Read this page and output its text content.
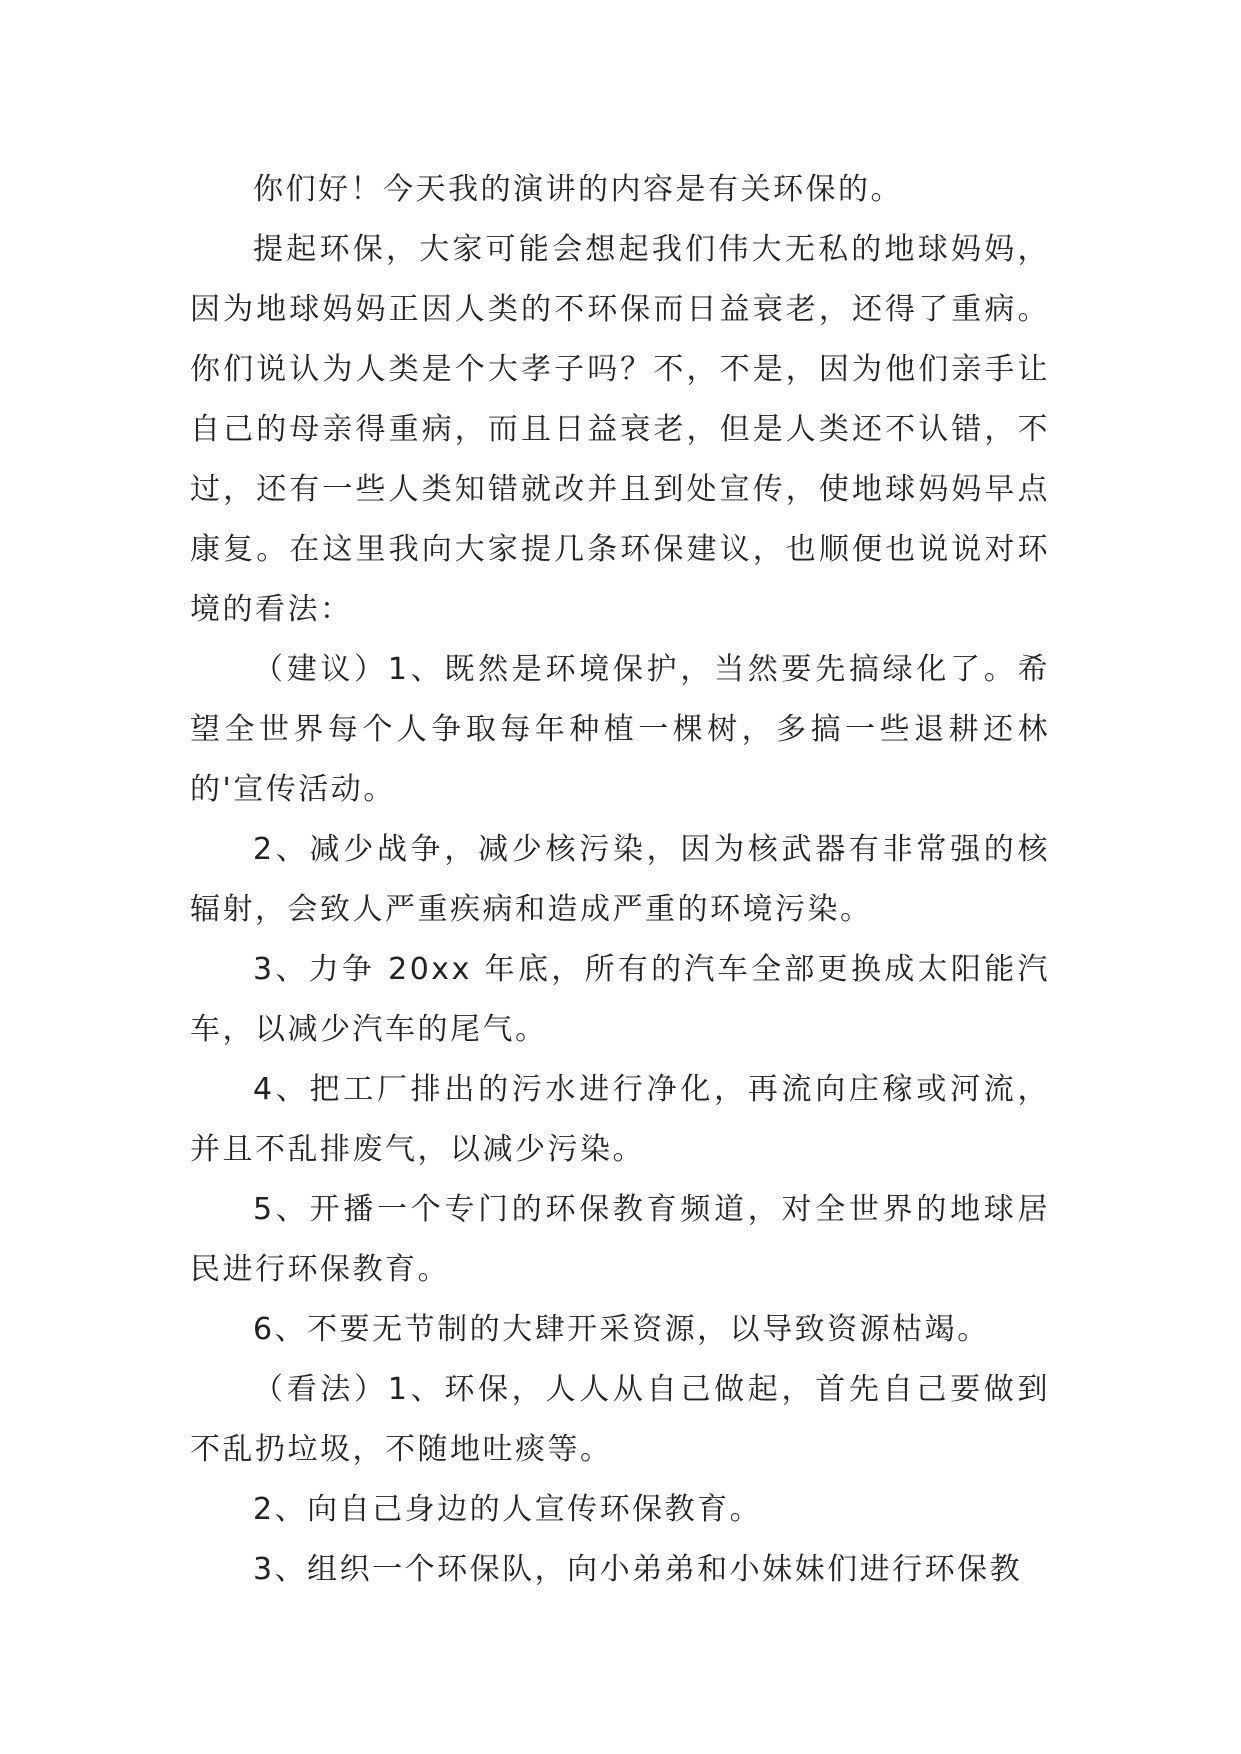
你们好！今天我的演讲的内容是有关环保的。

提起环保，大家可能会想起我们伟大无私的地球妈妈，因为地球妈妈正因人类的不环保而日益衰老，还得了重病。你们说认为人类是个大孝子吗？不，不是，因为他们亲手让自己的母亲得重病，而且日益衰老，但是人类还不认错，不过，还有一些人类知错就改并且到处宣传，使地球妈妈早点康复。在这里我向大家提几条环保建议，也顺便也说说对环境的看法：

（建议）1、既然是环境保护，当然要先搞绿化了。希望全世界每个人争取每年种植一棵树，多搞一些退耕还林的'宣传活动。

2、减少战争，减少核污染，因为核武器有非常强的核辐射，会致人严重疾病和造成严重的环境污染。

3、力争 20xx 年底，所有的汽车全部更换成太阳能汽车，以减少汽车的尾气。

4、把工厂排出的污水进行净化，再流向庄稼或河流，并且不乱排废气，以减少污染。

5、开播一个专门的环保教育频道，对全世界的地球居民进行环保教育。

6、不要无节制的大肆开采资源，以导致资源枯竭。

（看法）1、环保，人人从自己做起，首先自己要做到不乱扔垃圾，不随地吐痰等。

2、向自己身边的人宣传环保教育。

3、组织一个环保队，向小弟弟和小妹妹们进行环保教
